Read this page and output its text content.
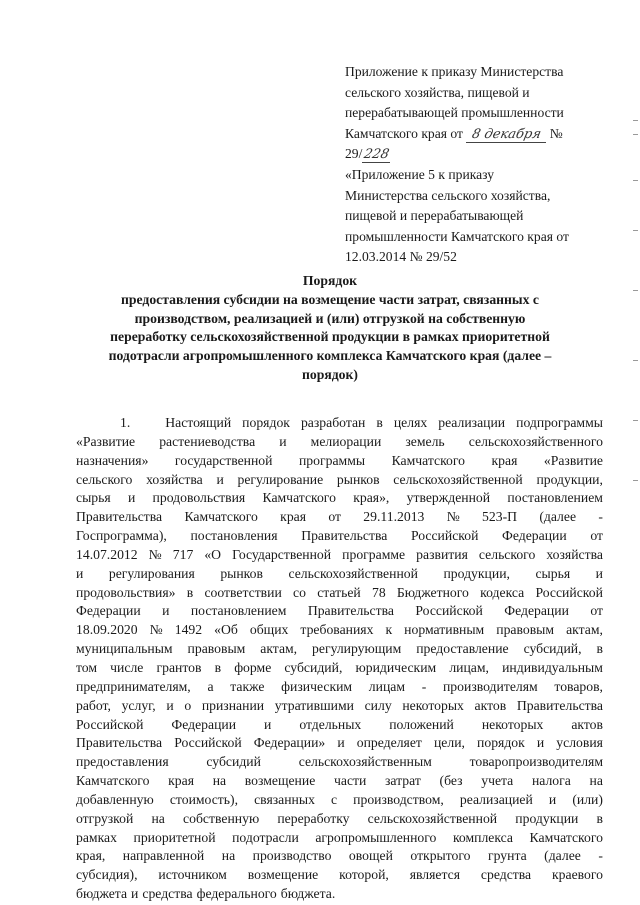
Приложение к приказу Министерства
сельского хозяйства, пищевой и
перерабатывающей промышленности
Камчатского края от 8 декабря №
29/228
«Приложение 5 к приказу
Министерства сельского хозяйства,
пищевой и перерабатывающей
промышленности Камчатского края от
12.03.2014 № 29/52
Порядок
предоставления субсидии на возмещение части затрат, связанных с
производством, реализацией и (или) отгрузкой на собственную
переработку сельскохозяйственной продукции в рамках приоритетной
подотрасли агропромышленного комплекса Камчатского края (далее –
порядок)
1.	Настоящий порядок разработан в целях реализации подпрограммы
«Развитие растениеводства и мелиорации земель сельскохозяйственного
назначения» государственной программы Камчатского края «Развитие
сельского хозяйства и регулирование рынков сельскохозяйственной продукции,
сырья и продовольствия Камчатского края», утвержденной постановлением
Правительства Камчатского края от 29.11.2013 № 523-П (далее -
Госпрограмма), постановления Правительства Российской Федерации от
14.07.2012 № 717 «О Государственной программе развития сельского хозяйства
и регулирования рынков сельскохозяйственной продукции, сырья и
продовольствия» в соответствии со статьей 78 Бюджетного кодекса Российской
Федерации и постановлением Правительства Российской Федерации от
18.09.2020 № 1492 «Об общих требованиях к нормативным правовым актам,
муниципальным правовым актам, регулирующим предоставление субсидий, в
том числе грантов в форме субсидий, юридическим лицам, индивидуальным
предпринимателям, а также физическим лицам - производителям товаров,
работ, услуг, и о признании утратившими силу некоторых актов Правительства
Российской Федерации и отдельных положений некоторых актов
Правительства Российской Федерации» и определяет цели, порядок и условия
предоставления	субсидий	сельскохозяйственным	товаропроизводителям
Камчатского края на возмещение части затрат (без учета налога на
добавленную стоимость), связанных с производством, реализацией и (или)
отгрузкой на собственную переработку сельскохозяйственной продукции в
рамках приоритетной подотрасли агропромышленного комплекса Камчатского
края, направленной на производство овощей открытого грунта (далее -
субсидия), источником возмещение которой, является средства краевого
бюджета и средства федерального бюджета.
